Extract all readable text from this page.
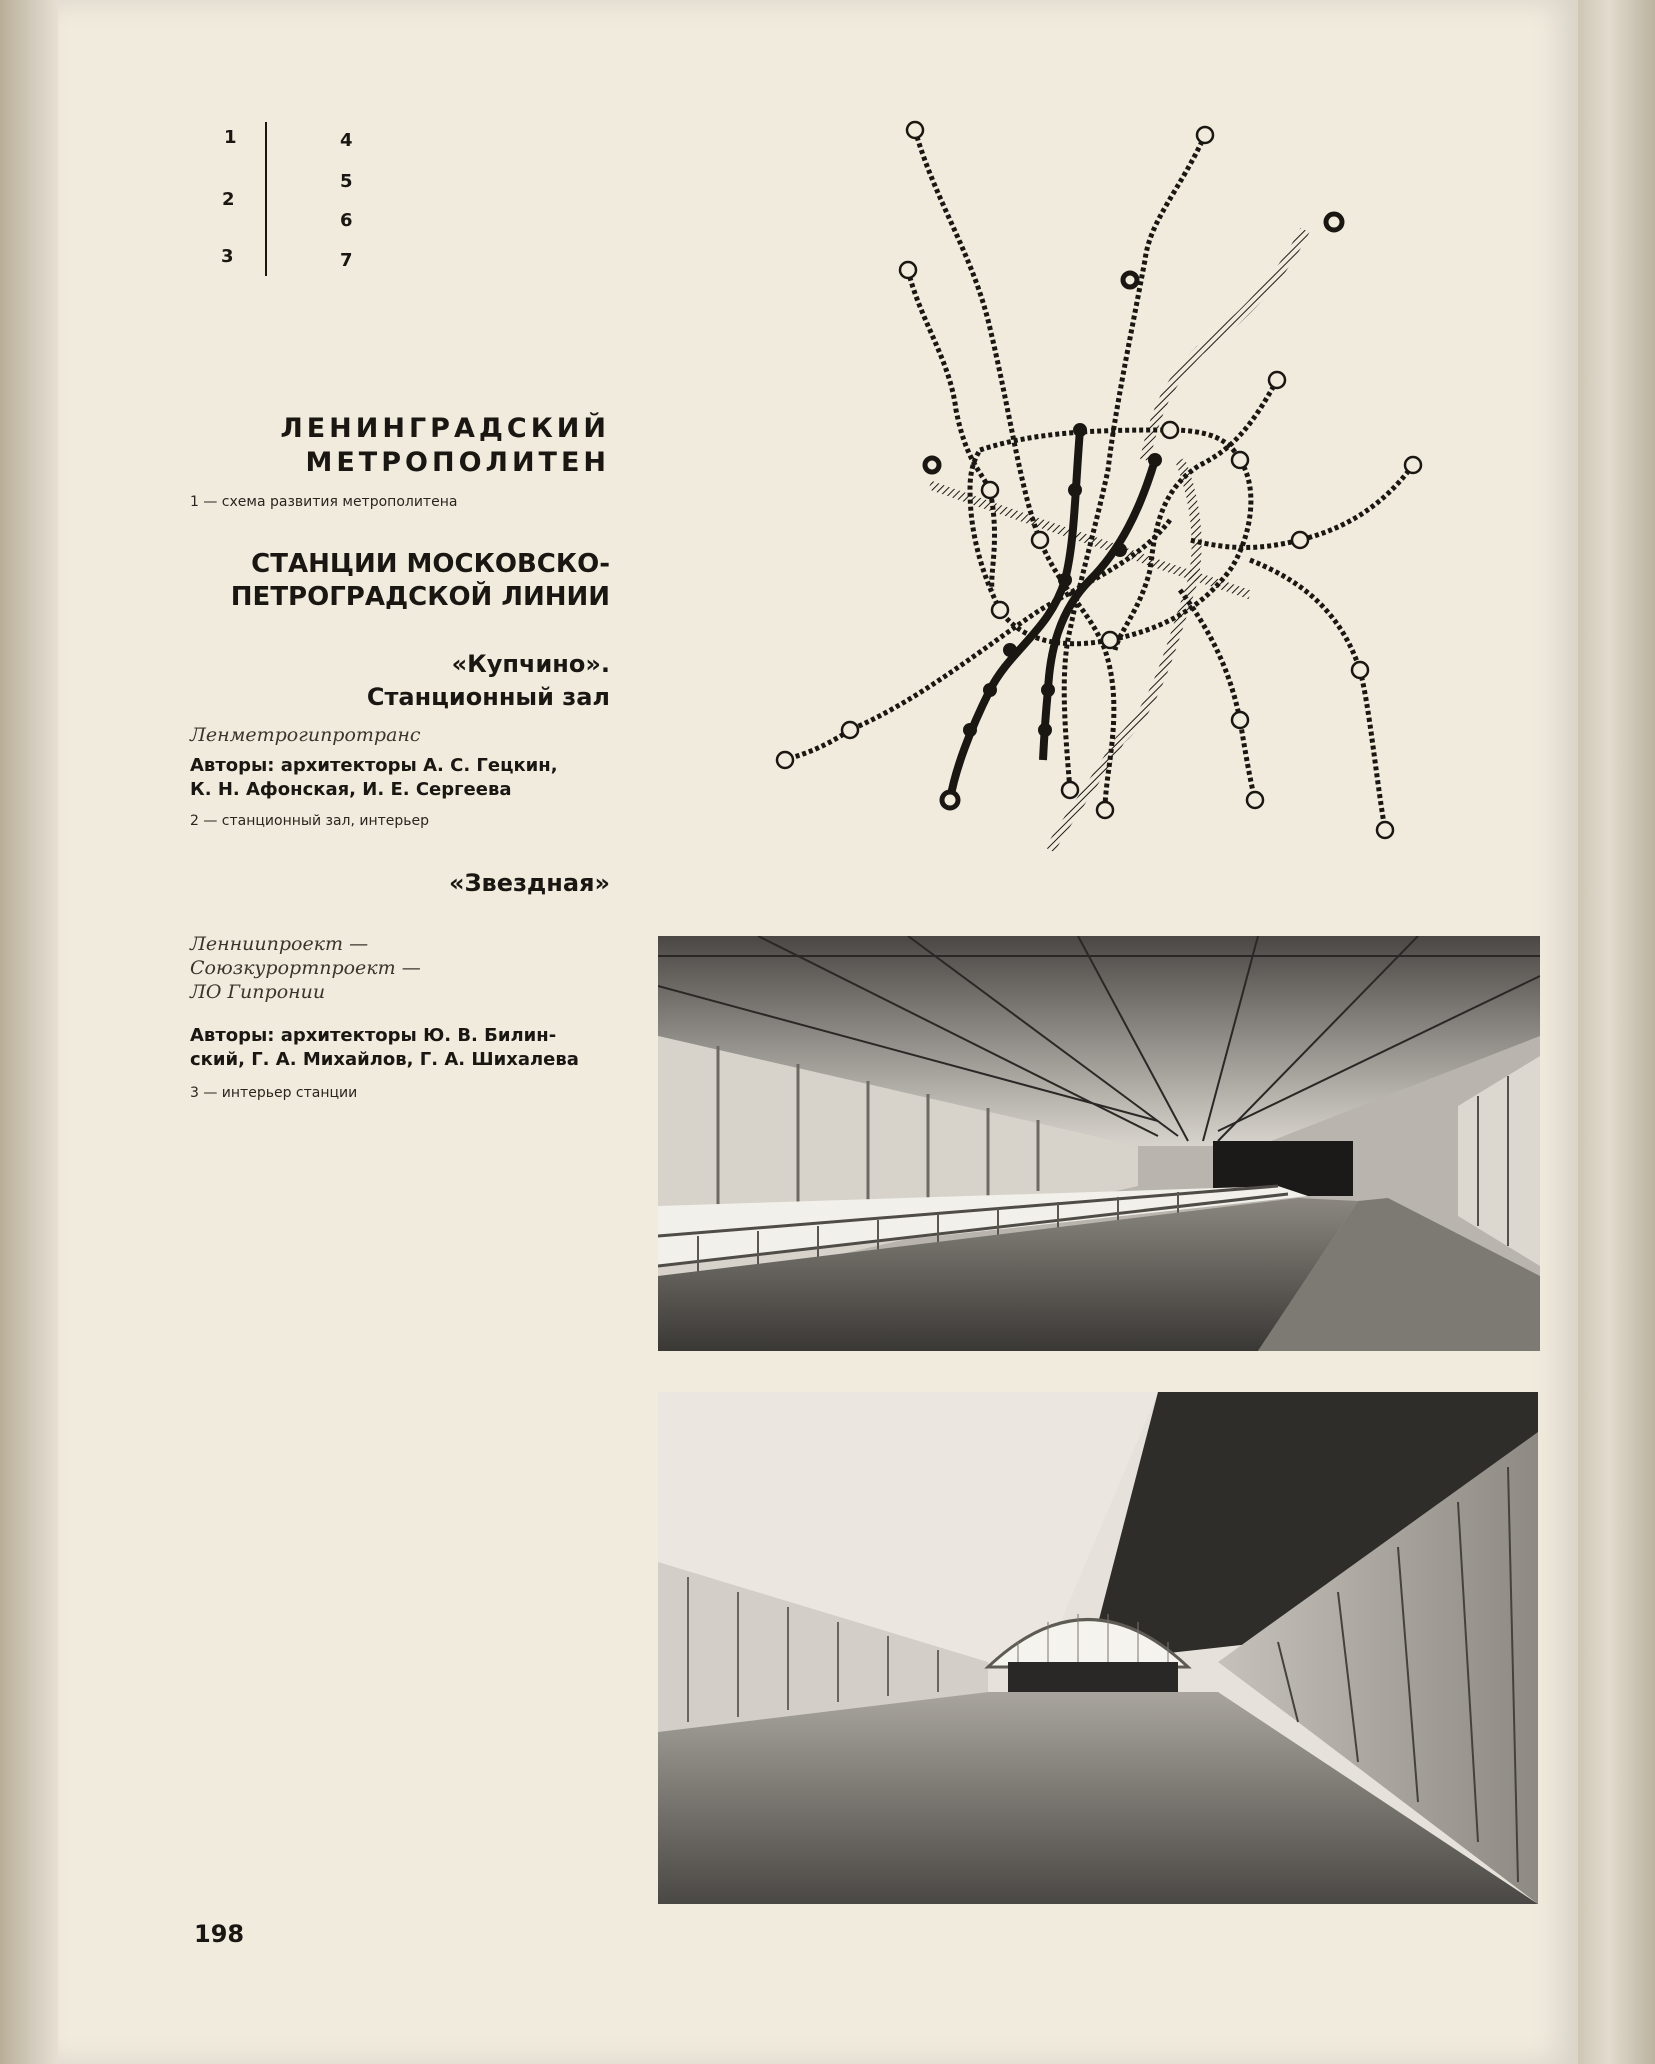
1
2
3
4
5
6
7
ЛЕНИНГРАДСКИЙ
МЕТРОПОЛИТЕН
1 — схема развития метрополитена
СТАНЦИИ МОСКОВСКО-
ПЕТРОГРАДСКОЙ ЛИНИИ
«Купчино».
Станционный зал
Ленметрогипротранс
Авторы: архитекторы А. С. Гецкин,
К. Н. Афонская, И. Е. Сергеева
2 — станционный зал, интерьер
«Звездная»
Ленниипроект —
Союзкурортпроект —
ЛО Гипронии
Авторы: архитекторы Ю. В. Билин-
ский, Г. А. Михайлов, Г. А. Шихалева
3 — интерьер станции
198
